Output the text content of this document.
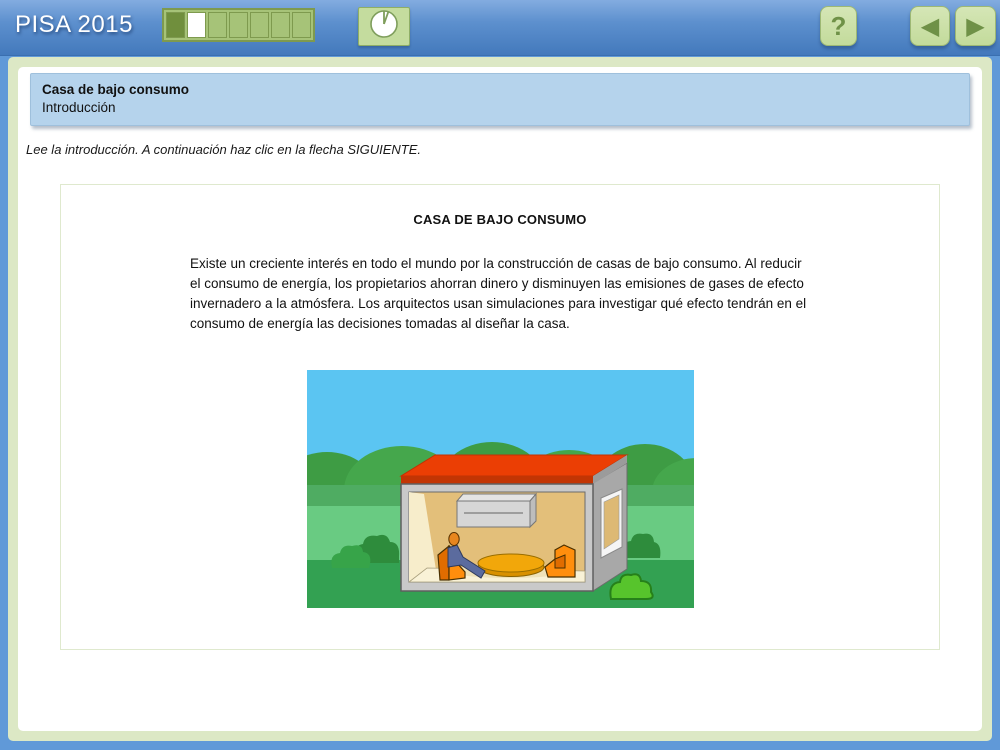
PISA 2015	?	◀ ▶
Casa de bajo consumo
Introducción
Lee la introducción. A continuación haz clic en la flecha SIGUIENTE.
CASA DE BAJO CONSUMO
Existe un creciente interés en todo el mundo por la construcción de casas de bajo consumo. Al reducir el consumo de energía, los propietarios ahorran dinero y disminuyen las emisiones de gases de efecto invernadero a la atmósfera. Los arquitectos usan simulaciones para investigar qué efecto tendrán en el consumo de energía las decisiones tomadas al diseñar la casa.
